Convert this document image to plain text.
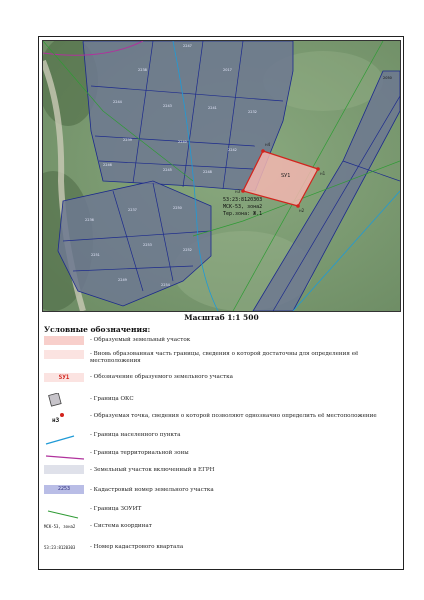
SУ1
н4
н1
н2
н3
53:23:8120303
МСК-53, зона2
Тер.зона: Ж.1
2050
2247
2238	2017
2244
2243	2241
2232
2239	2240
2242
2246
2245	2248
2236
2237	2250
2253
2251
2252
2249
2254
Масштаб 1:1 500
Условные обозначения:
- Образуемый земельный участок
- Вновь образованная часть границы, сведения о которой достаточны для определения её местоположения
SУ1	- Обозначение образуемого земельного участка
- Граница ОКС
н3
- Образуемая точка, сведения о которой позволяют однозначно определить её местоположение
- Граница населенного пункта
- Граница территориальной зоны
- Земельный участок включенный в ЕГРН
2253	- Кадастровый номер земельного участка
- Граница ЗОУИТ
МСК-53, зона2	- Система координат
53:23:8120303	- Номер кадастрового квартала
